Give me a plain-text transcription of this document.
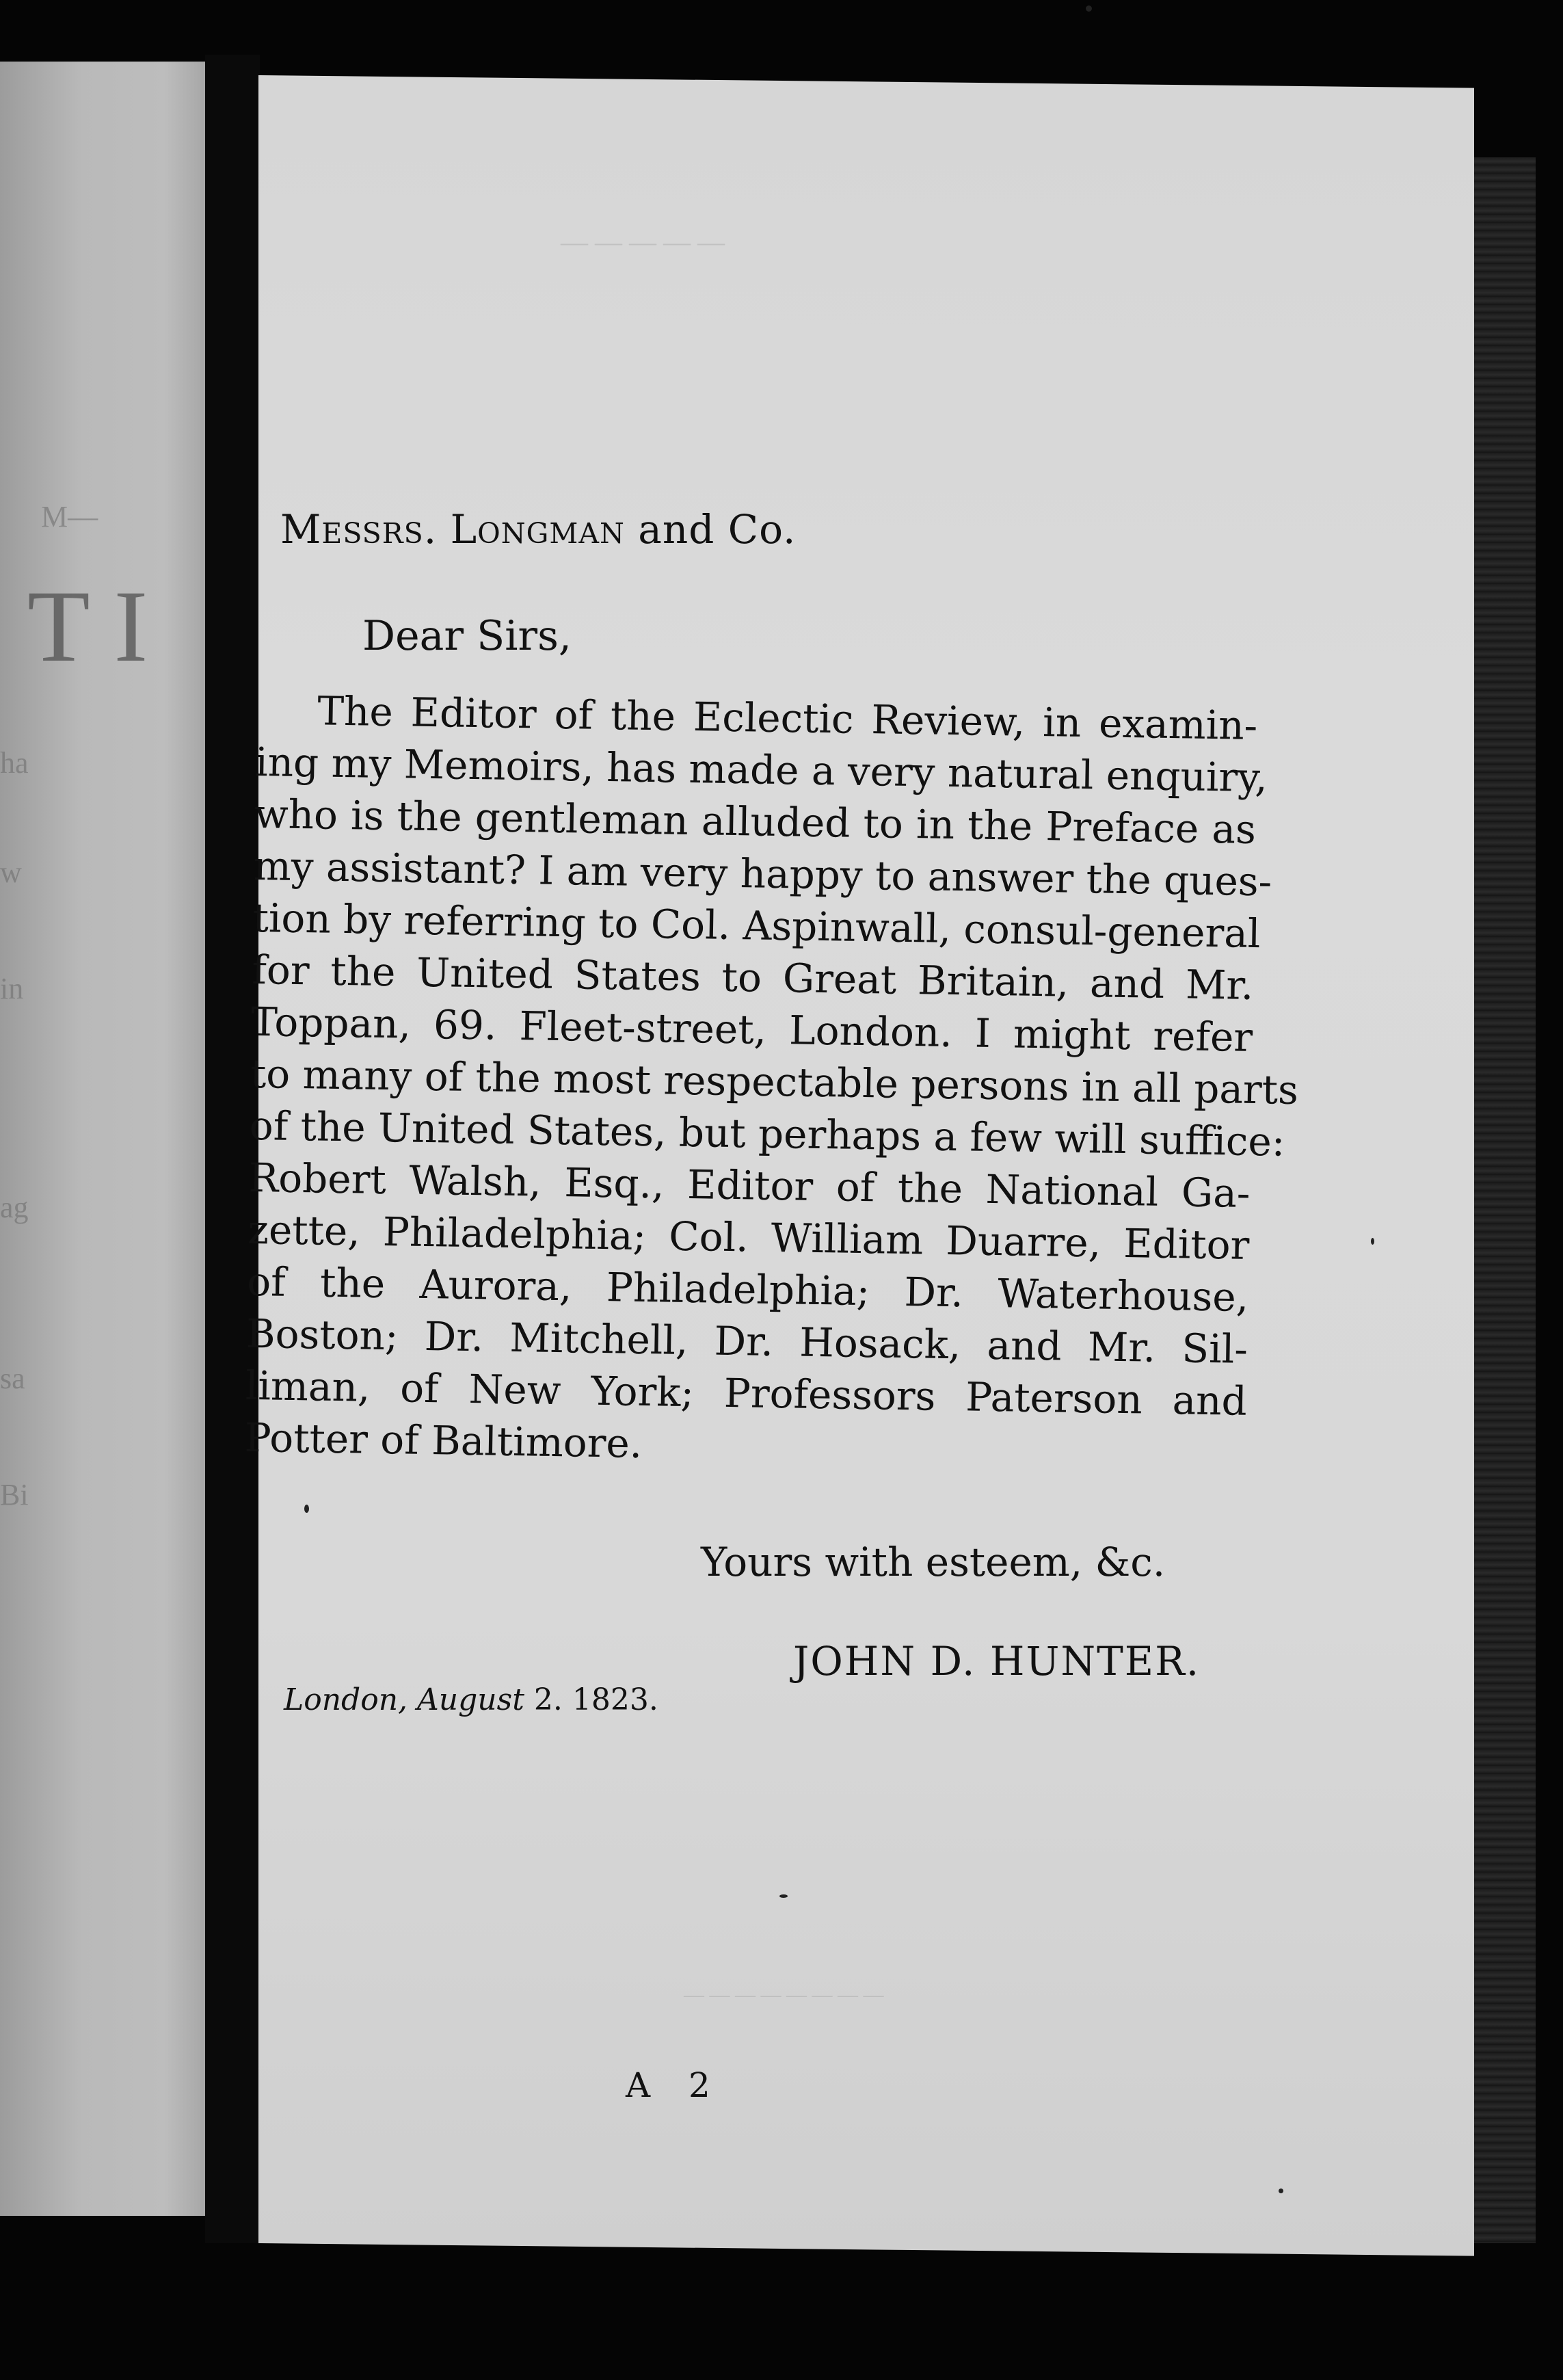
M—
T I
ha
w
in
ag
sa
Bi
— — — — —
— — — — — — — —
Messrs. Longman and Co.
Dear Sirs,
The Editor of the Eclectic Review, in examin-
ing my Memoirs, has made a very natural enquiry,
who is the gentleman alluded to in the Preface as
my assistant? I am very happy to answer the ques-
tion by referring to Col. Aspinwall, consul-general
for the United States to Great Britain, and Mr.
Toppan, 69. Fleet-street, London. I might refer
to many of the most respectable persons in all parts
of the United States, but perhaps a few will suffice:
Robert Walsh, Esq., Editor of the National Ga-
zette, Philadelphia; Col. William Duarre, Editor
of the Aurora, Philadelphia; Dr. Waterhouse,
Boston; Dr. Mitchell, Dr. Hosack, and Mr. Sil-
liman, of New York; Professors Paterson and
Potter of Baltimore.
Yours with esteem, &c.
JOHN D. HUNTER.
London, August 2. 1823.
A 2
